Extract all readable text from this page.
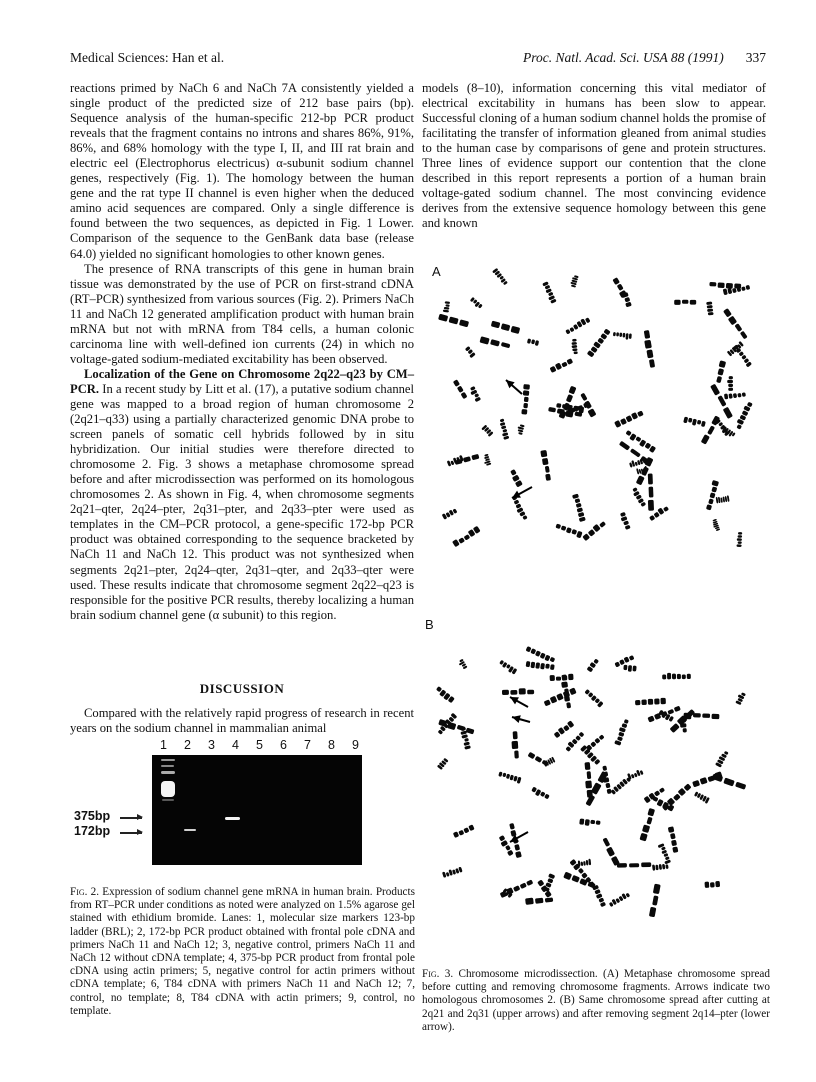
Medical Sciences: Han et al.	Proc. Natl. Acad. Sci. USA 88 (1991) 337

reactions primed by NaCh 6 and NaCh 7A consistently yielded a single product of the predicted size of 212 base pairs (bp). Sequence analysis of the human-specific 212-bp PCR product reveals that the fragment contains no introns and shares 86%, 91%, 86%, and 68% homology with the type I, II, and III rat brain and electric eel (Electrophorus electricus) α-subunit sodium channel genes, respectively (Fig. 1). The homology between the human gene and the rat type II channel is even higher when the deduced amino acid sequences are compared. Only a single difference is found between the two sequences, as depicted in Fig. 1 Lower. Comparison of the sequence to the GenBank data base (release 64.0) yielded no significant homologies to other known genes.

The presence of RNA transcripts of this gene in human brain tissue was demonstrated by the use of PCR on first-strand cDNA (RT–PCR) synthesized from various sources (Fig. 2). Primers NaCh 11 and NaCh 12 generated amplification product with human brain mRNA but not with mRNA from T84 cells, a human colonic carcinoma line with well-defined ion currents (24) in which no voltage-gated sodium-mediated excitability has been observed.

Localization of the Gene on Chromosome 2q22–q23 by CM–PCR. In a recent study by Litt et al. (17), a putative sodium channel gene was mapped to a broad region of human chromosome 2 (2q21–q33) using a partially characterized genomic DNA probe to screen panels of somatic cell hybrids followed by in situ hybridization. Our initial studies were therefore directed to chromosome 2. Fig. 3 shows a metaphase chromosome spread before and after microdissection was performed on its homologous chromosomes 2. As shown in Fig. 4, when chromosome segments 2q21–qter, 2q24–pter, 2q31–pter, and 2q33–pter were used as templates in the CM–PCR protocol, a gene-specific 172-bp PCR product was obtained corresponding to the sequence bracketed by NaCh 11 and NaCh 12. This product was not synthesized when segments 2q21–pter, 2q24–qter, 2q31–qter, and 2q33–qter were used. These results indicate that chromosome segment 2q22–q23 is responsible for the positive PCR results, thereby localizing a human brain sodium channel gene (α subunit) to this region.

DISCUSSION

Compared with the relatively rapid progress of research in recent years on the sodium channel in mammalian animal

models (8–10), information concerning this vital mediator of electrical excitability in humans has been slow to appear. Successful cloning of a human sodium channel holds the promise of facilitating the transfer of information gleaned from animal studies to the human case by comparisons of gene and protein structures. Three lines of evidence support our contention that the clone described in this report represents a portion of a human brain voltage-gated sodium channel. The most convincing evidence derives from the extensive sequence homology between this gene and known

1 2 3 4 5 6 7 8 9
375bp
172bp
Fig. 2. Expression of sodium channel gene mRNA in human brain. Products from RT–PCR under conditions as noted were analyzed on 1.5% agarose gel stained with ethidium bromide. Lanes: 1, molecular size markers 123-bp ladder (BRL); 2, 172-bp PCR product obtained with frontal pole cDNA and primers NaCh 11 and NaCh 12; 3, negative control, primers NaCh 11 and NaCh 12 without cDNA template; 4, 375-bp PCR product from frontal pole cDNA using actin primers; 5, negative control for actin primers without cDNA template; 6, T84 cDNA with primers NaCh 11 and NaCh 12; 7, control, no template; 8, T84 cDNA with actin primers; 9, control, no template.
A
B
Fig. 3. Chromosome microdissection. (A) Metaphase chromosome spread before cutting and removing chromosome fragments. Arrows indicate two homologous chromosomes 2. (B) Same chromosome spread after cutting at 2q21 and 2q31 (upper arrows) and after removing segment 2q14–pter (lower arrow).
